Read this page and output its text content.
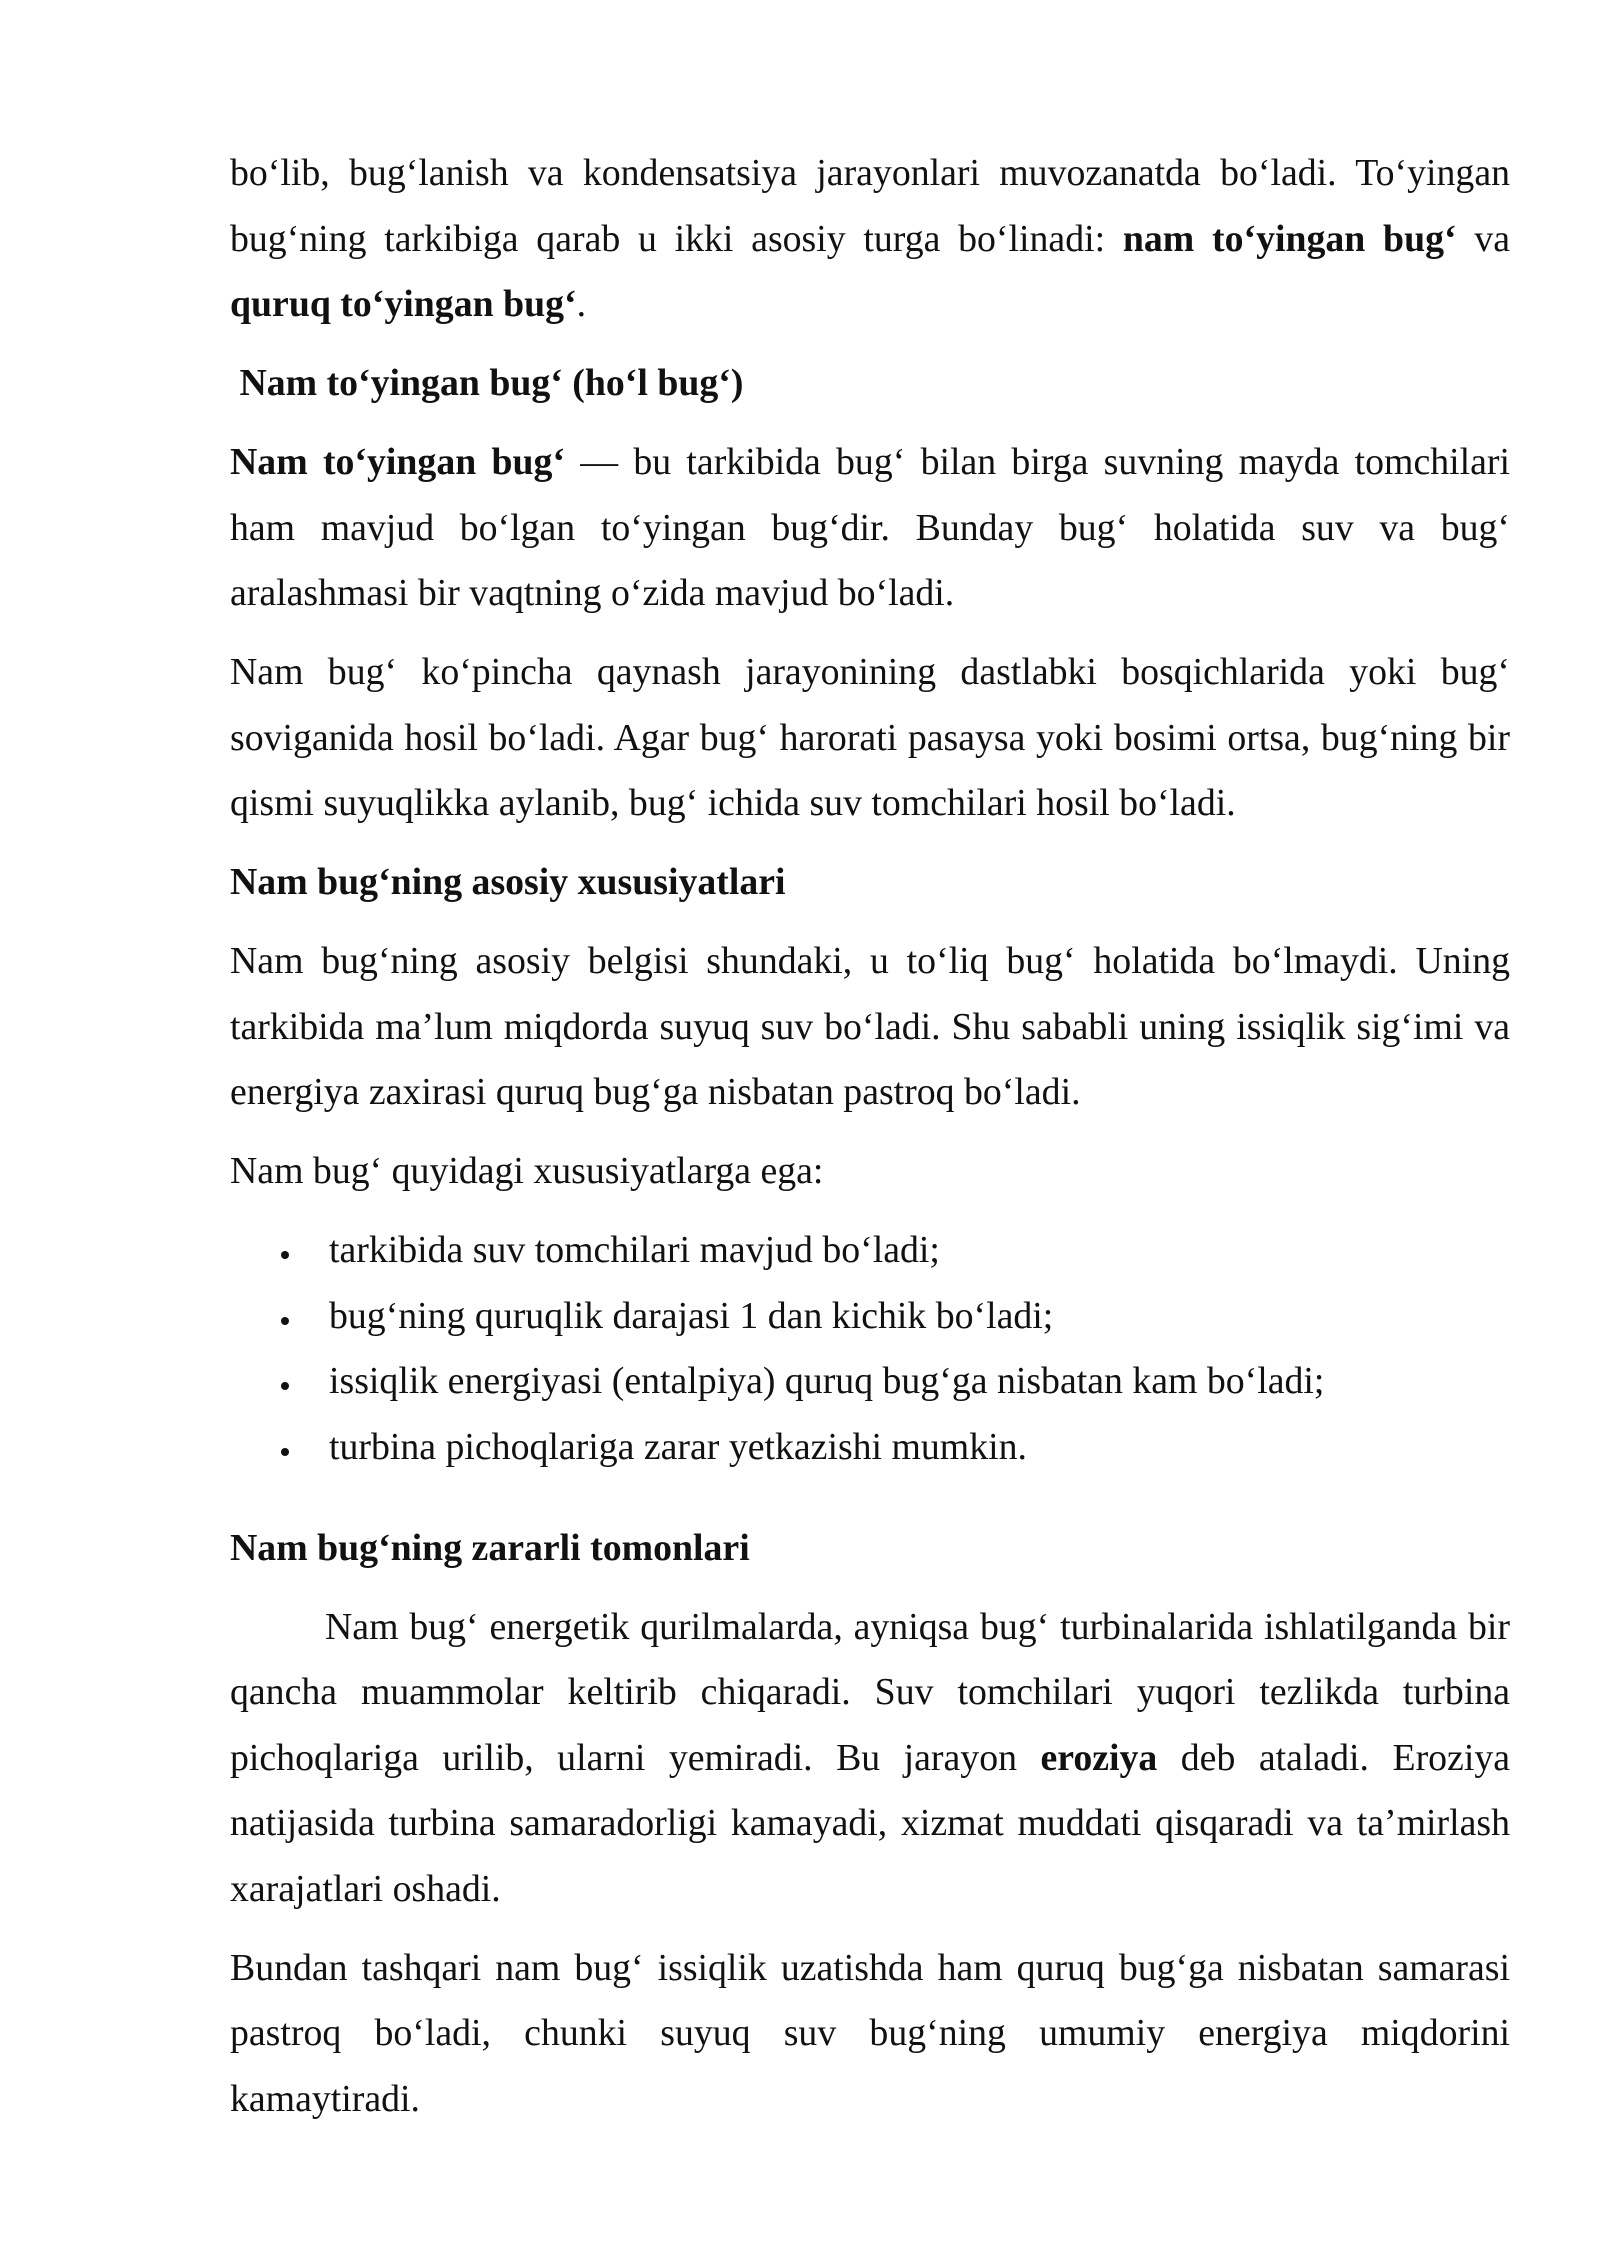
bo‘lib, bug‘lanish va kondensatsiya jarayonlari muvozanatda bo‘ladi. To‘yingan bug‘ning tarkibiga qarab u ikki asosiy turga bo‘linadi: nam to‘yingan bug‘ va quruq to‘yingan bug‘.

Nam to‘yingan bug‘ (ho‘l bug‘)

Nam to‘yingan bug‘ — bu tarkibida bug‘ bilan birga suvning mayda tomchilari ham mavjud bo‘lgan to‘yingan bug‘dir. Bunday bug‘ holatida suv va bug‘ aralashmasi bir vaqtning o‘zida mavjud bo‘ladi.

Nam bug‘ ko‘pincha qaynash jarayonining dastlabki bosqichlarida yoki bug‘ soviganida hosil bo‘ladi. Agar bug‘ harorati pasaysa yoki bosimi ortsa, bug‘ning bir qismi suyuqlikka aylanib, bug‘ ichida suv tomchilari hosil bo‘ladi.

Nam bug‘ning asosiy xususiyatlari

Nam bug‘ning asosiy belgisi shundaki, u to‘liq bug‘ holatida bo‘lmaydi. Uning tarkibida ma’lum miqdorda suyuq suv bo‘ladi. Shu sababli uning issiqlik sig‘imi va energiya zaxirasi quruq bug‘ga nisbatan pastroq bo‘ladi.

Nam bug‘ quyidagi xususiyatlarga ega:

tarkibida suv tomchilari mavjud bo‘ladi;
bug‘ning quruqlik darajasi 1 dan kichik bo‘ladi;
issiqlik energiyasi (entalpiya) quruq bug‘ga nisbatan kam bo‘ladi;
turbina pichoqlariga zarar yetkazishi mumkin.
Nam bug‘ning zararli tomonlari

Nam bug‘ energetik qurilmalarda, ayniqsa bug‘ turbinalarida ishlatilganda bir qancha muammolar keltirib chiqaradi. Suv tomchilari yuqori tezlikda turbina pichoqlariga urilib, ularni yemiradi. Bu jarayon eroziya deb ataladi. Eroziya natijasida turbina samaradorligi kamayadi, xizmat muddati qisqaradi va ta’mirlash xarajatlari oshadi.

Bundan tashqari nam bug‘ issiqlik uzatishda ham quruq bug‘ga nisbatan samarasi pastroq bo‘ladi, chunki suyuq suv bug‘ning umumiy energiya miqdorini kamaytiradi.
